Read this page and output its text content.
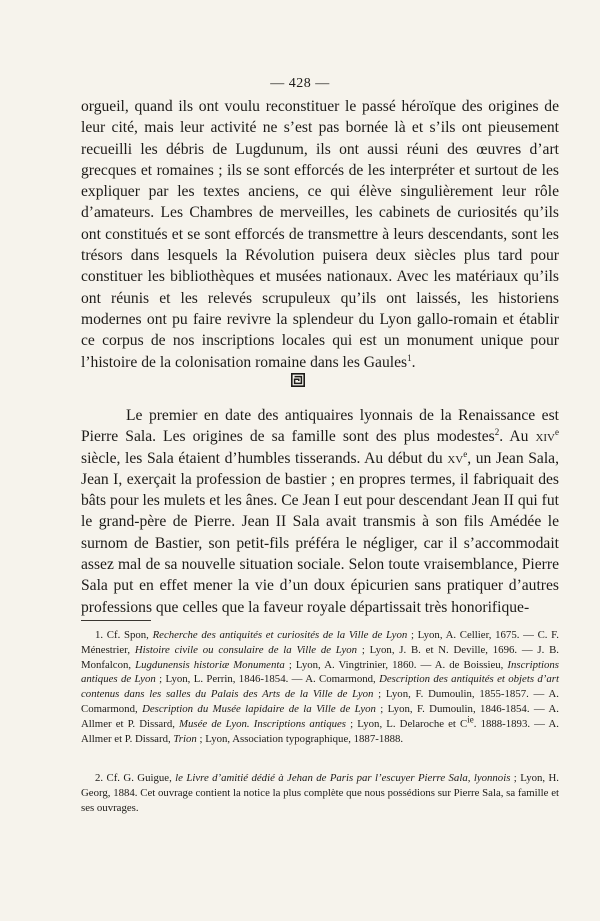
— 428 —
orgueil, quand ils ont voulu reconstituer le passé héroïque des origines de leur cité, mais leur activité ne s’est pas bornée là et s’ils ont pieusement recueilli les débris de Lugdunum, ils ont aussi réuni des œuvres d’art grecques et romaines ; ils se sont efforcés de les interpréter et surtout de les expliquer par les textes anciens, ce qui élève singulièrement leur rôle d’amateurs. Les Chambres de merveilles, les cabinets de curiosités qu’ils ont constitués et se sont efforcés de transmettre à leurs descendants, sont les trésors dans lesquels la Révolution puisera deux siècles plus tard pour constituer les bibliothèques et musées nationaux. Avec les matériaux qu’ils ont réunis et les relevés scrupuleux qu’ils ont laissés, les historiens modernes ont pu faire revivre la splendeur du Lyon gallo-romain et établir ce corpus de nos inscriptions locales qui est un monument unique pour l’histoire de la colonisation romaine dans les Gaules$^1$.
Le premier en date des antiquaires lyonnais de la Renaissance est Pierre Sala. Les origines de sa famille sont des plus modestes$^2$. Au xiv$^e$ siècle, les Sala étaient d’humbles tisserands. Au début du $xv^e$, un Jean Sala, Jean I, exerçait la profession de bastier ; en propres termes, il fabriquait des bâts pour les mulets et les ânes. Ce Jean I eut pour descendant Jean II qui fut le grand-père de Pierre. Jean II Sala avait transmis à son fils Amédée le surnom de Bastier, son petit-fils préféra le négliger, car il s’accommodait assez mal de sa nouvelle situation sociale. Selon toute vraisemblance, Pierre Sala put en effet mener la vie d’un doux épicurien sans pratiquer d’autres professions que celles que la faveur royale départissait très honorifique-

1. Cf. Spon, Recherche des antiquités et curiosités de la Ville de Lyon ; Lyon, A. Cellier, 1675. — C. F. Ménestrier, Histoire civile ou consulaire de la Ville de Lyon ; Lyon, J. B. et N. Deville, 1696. — J. B. Monfalcon, Lugdunensis historiæ Monumenta ; Lyon, A. Vingtrinier, 1860. — A. de Boissieu, Inscriptions antiques de Lyon ; Lyon, L. Perrin, 1846-1854. — A. Comarmond, Description des antiquités et objets d’art contenus dans les salles du Palais des Arts de la Ville de Lyon ; Lyon, F. Dumoulin, 1855-1857. — A. Comarmond, Description du Musée lapidaire de la Ville de Lyon ; Lyon, F. Dumoulin, 1846-1854. — A. Allmer et P. Dissard, Musée de Lyon. Inscriptions antiques ; Lyon, L. Delaroche et $C^{ie}$. 1888-1893. — A. Allmer et P. Dissard, Trion ; Lyon, Association typographique, 1887-1888.

2. Cf. G. Guigue, le Livre d’amitié dédié à Jehan de Paris par l’escuyer Pierre Sala, lyonnois ; Lyon, H. Georg, 1884. Cet ouvrage contient la notice la plus complète que nous possédions sur Pierre Sala, sa famille et ses ouvrages.
